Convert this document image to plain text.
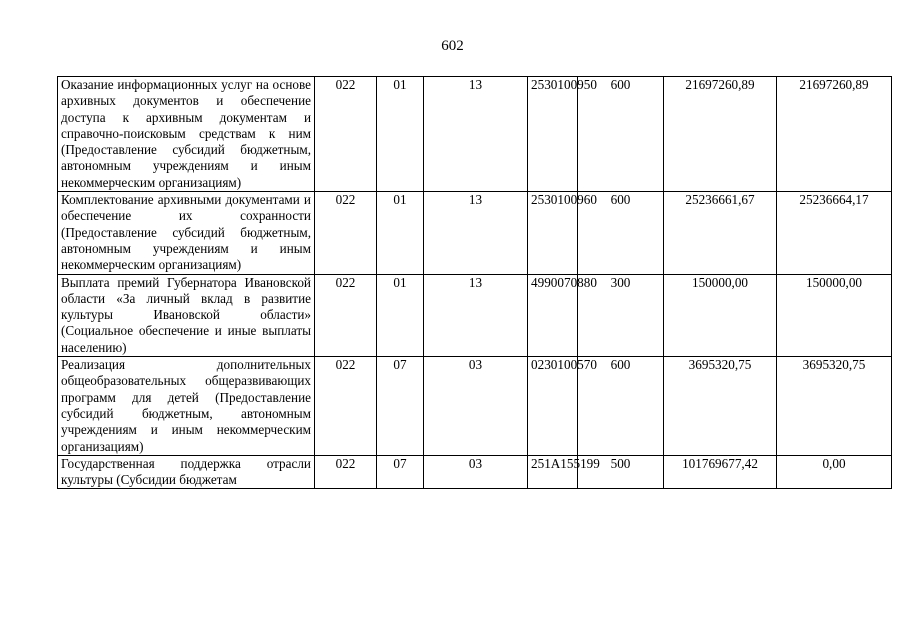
602
Оказание информационных услуг на основе архивных документов и обеспечение доступа к архивным документам и справочно-поисковым средствам к ним (Предоставление субсидий бюджетным, автономным учреждениям и иным некоммерческим организациям)	022	01	13	2530100950	600	21697260,89	21697260,89
Комплектование архивными документами и обеспечение их сохранности (Предоставление субсидий бюджетным, автономным учреждениям и иным некоммерческим организациям)	022	01	13	2530100960	600	25236661,67	25236664,17
Выплата премий Губернатора Ивановской области «За личный вклад в развитие культуры Ивановской области» (Социальное обеспечение и иные выплаты населению)	022	01	13	4990070880	300	150000,00	150000,00
Реализация дополнительных общеобразовательных общеразвивающих программ для детей (Предоставление субсидий бюджетным, автономным учреждениям и иным некоммерческим организациям)	022	07	03	0230100570	600	3695320,75	3695320,75
Государственная поддержка отрасли культуры (Субсидии бюджетам	022	07	03	251A155199	500	101769677,42	0,00
